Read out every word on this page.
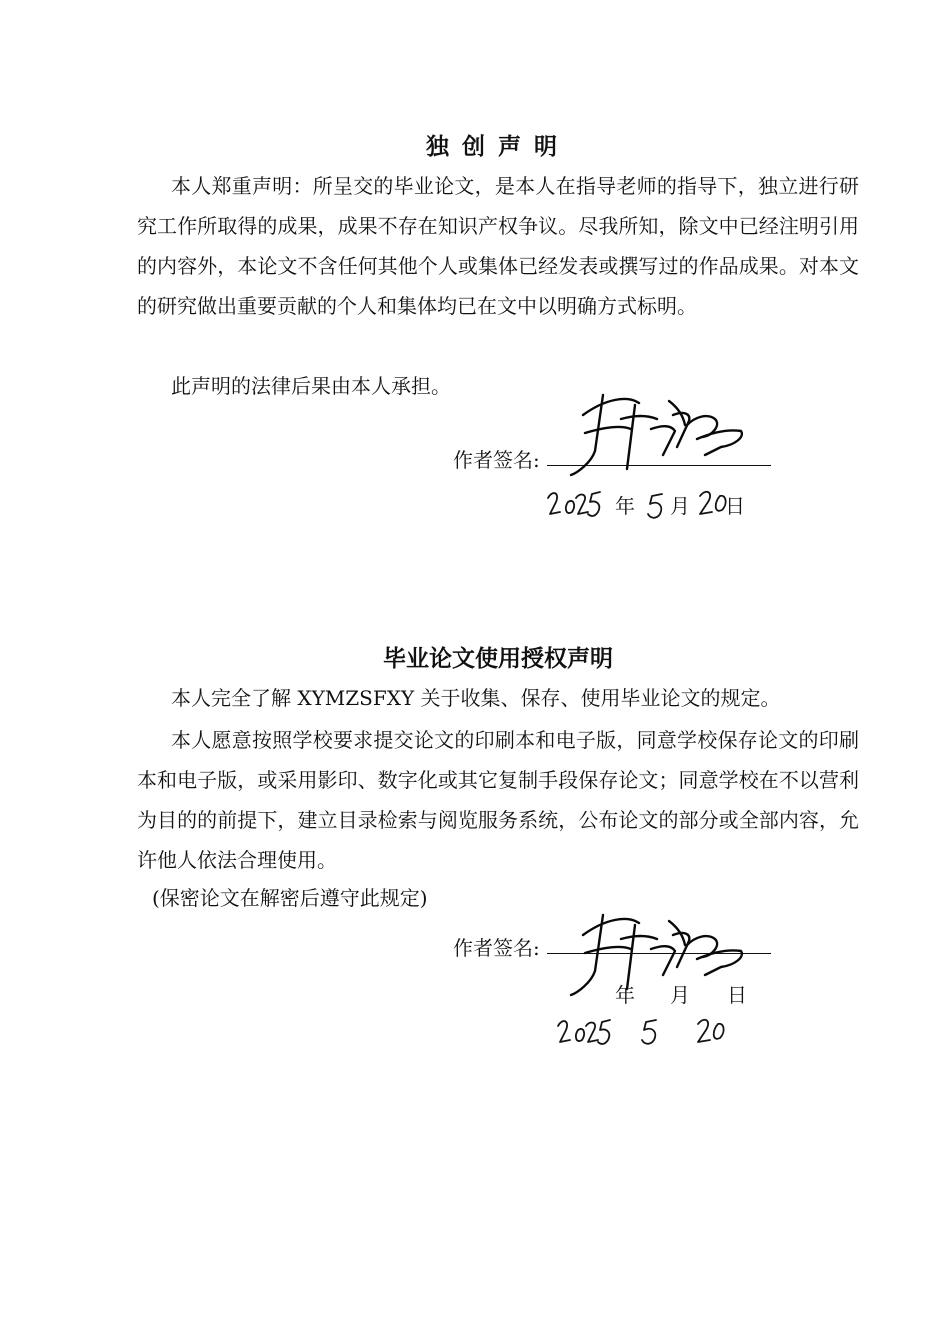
独创声明

本人郑重声明：所呈交的毕业论文，是本人在指导老师的指导下，独立进行研究工作所取得的成果，成果不存在知识产权争议。尽我所知，除文中已经注明引用的内容外，本论文不含任何其他个人或集体已经发表或撰写过的作品成果。对本文的研究做出重要贡献的个人和集体均已在文中以明确方式标明。

此声明的法律后果由本人承担。

作者签名:
年 月 日
毕业论文使用授权声明

本人完全了解 XYMZSFXY 关于收集、保存、使用毕业论文的规定。

本人愿意按照学校要求提交论文的印刷本和电子版，同意学校保存论文的印刷本和电子版，或采用影印、数字化或其它复制手段保存论文；同意学校在不以营利为目的的前提下，建立目录检索与阅览服务系统，公布论文的部分或全部内容，允许他人依法合理使用。

(保密论文在解密后遵守此规定)
作者签名:
年 月 日
